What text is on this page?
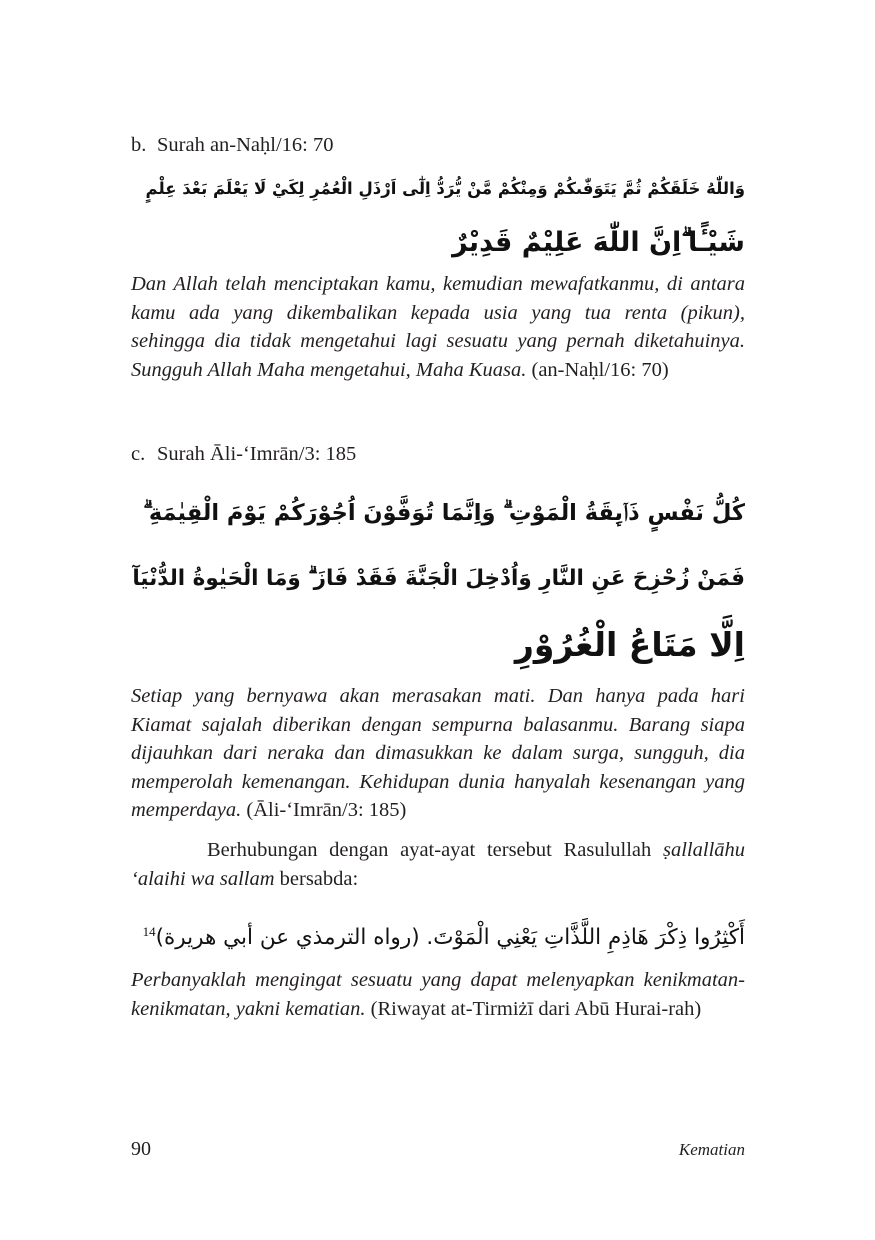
b. Surah an-Naḥl/16: 70
وَاللّٰهُ خَلَقَكُمْ ثُمَّ يَتَوَفّٰىكُمْ وَمِنْكُمْ مَّنْ يُّرَدُّ اِلٰٓى اَرْذَلِ الْعُمُرِ لِكَيْ لَا يَعْلَمَ بَعْدَ عِلْمٍ
شَيْـًٔا ۗاِنَّ اللّٰهَ عَلِيْمٌ قَدِيْرٌ
Dan Allah telah menciptakan kamu, kemudian mewafatkanmu, di antara kamu ada yang dikembalikan kepada usia yang tua renta (pikun), sehingga dia tidak mengetahui lagi sesuatu yang pernah diketahuinya. Sungguh Allah Maha mengetahui, Maha Kuasa. (an-Naḥl/16: 70)
c. Surah Āli-‘Imrān/3: 185
كُلُّ نَفْسٍ ذَاۤىِٕقَةُ الْمَوْتِ ۗ وَاِنَّمَا تُوَفَّوْنَ اُجُوْرَكُمْ يَوْمَ الْقِيٰمَةِ ۗ
فَمَنْ زُحْزِحَ عَنِ النَّارِ وَاُدْخِلَ الْجَنَّةَ فَقَدْ فَازَ ۗ وَمَا الْحَيٰوةُ الدُّنْيَآ
اِلَّا مَتَاعُ الْغُرُوْرِ
Setiap yang bernyawa akan merasakan mati. Dan hanya pada hari Kiamat sajalah diberikan dengan sempurna balasanmu. Barang siapa dijauhkan dari neraka dan dimasukkan ke dalam surga, sungguh, dia memperolah kemenangan. Kehidupan dunia hanyalah kesenangan yang memperdaya. (Āli-‘Imrān/3: 185)
Berhubungan dengan ayat-ayat tersebut Rasulullah ṣallallāhu ‘alaihi wa sallam bersabda:
أَكْثِرُوا ذِكْرَ هَاذِمِ اللَّذَّاتِ يَعْنِي الْمَوْتَ. (رواه الترمذي عن أبي هريرة)$^{14}$
Perbanyaklah mengingat sesuatu yang dapat melenyapkan kenikmatan-kenikmatan, yakni kematian. (Riwayat at-Tirmiżī dari Abū Hurai-rah)
90	Kematian
